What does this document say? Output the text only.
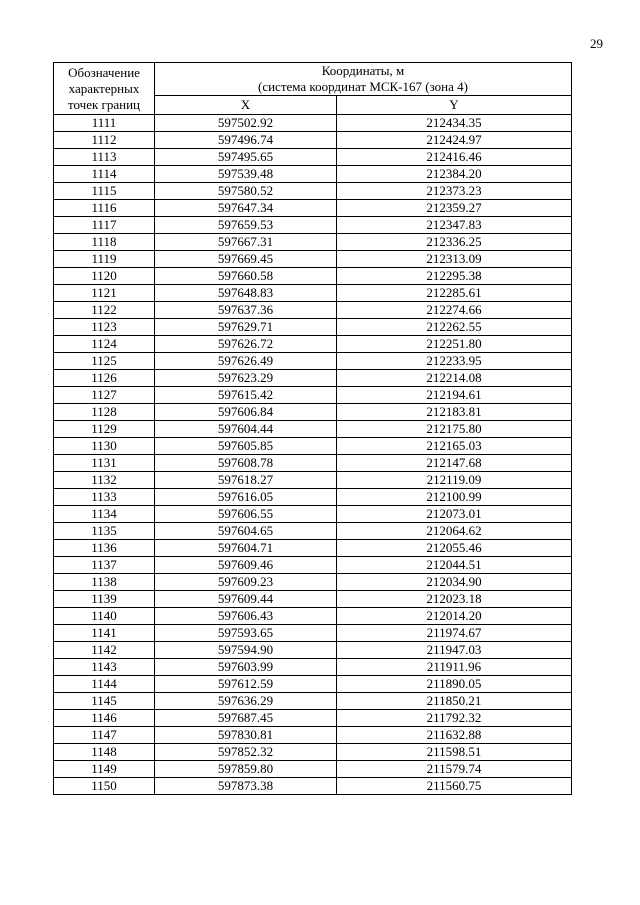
29
Обозначение
характерных
точек границ	Координаты, м
(система координат МСК-167 (зона 4)	

	X	Y
1111	597502.92	212434.35
1112	597496.74	212424.97
1113	597495.65	212416.46
1114	597539.48	212384.20
1115	597580.52	212373.23
1116	597647.34	212359.27
1117	597659.53	212347.83
1118	597667.31	212336.25
1119	597669.45	212313.09
1120	597660.58	212295.38
1121	597648.83	212285.61
1122	597637.36	212274.66
1123	597629.71	212262.55
1124	597626.72	212251.80
1125	597626.49	212233.95
1126	597623.29	212214.08
1127	597615.42	212194.61
1128	597606.84	212183.81
1129	597604.44	212175.80
1130	597605.85	212165.03
1131	597608.78	212147.68
1132	597618.27	212119.09
1133	597616.05	212100.99
1134	597606.55	212073.01
1135	597604.65	212064.62
1136	597604.71	212055.46
1137	597609.46	212044.51
1138	597609.23	212034.90
1139	597609.44	212023.18
1140	597606.43	212014.20
1141	597593.65	211974.67
1142	597594.90	211947.03
1143	597603.99	211911.96
1144	597612.59	211890.05
1145	597636.29	211850.21
1146	597687.45	211792.32
1147	597830.81	211632.88
1148	597852.32	211598.51
1149	597859.80	211579.74
1150	597873.38	211560.75
